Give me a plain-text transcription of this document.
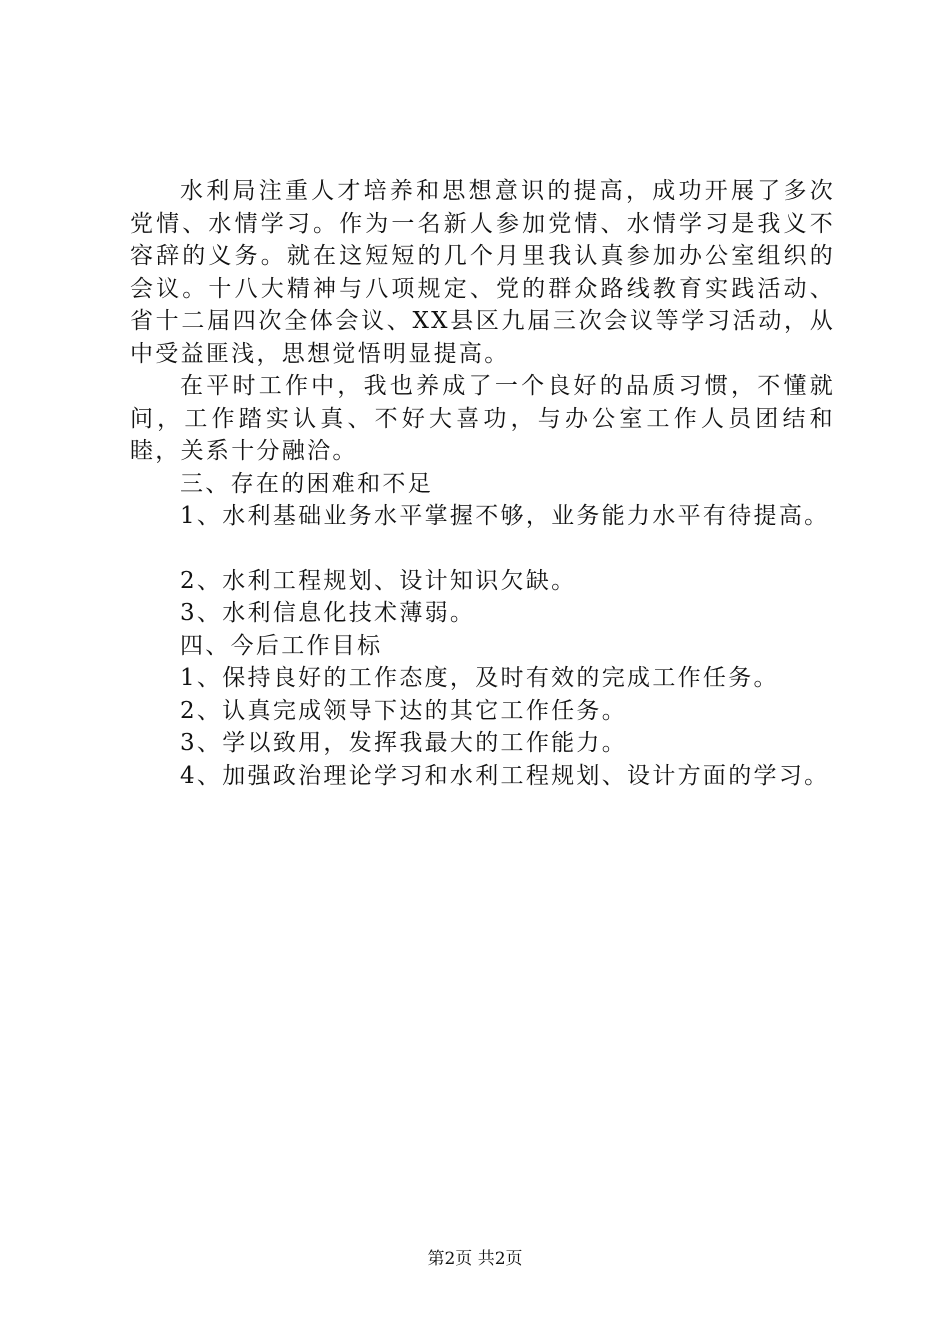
水利局注重人才培养和思想意识的提高，成功开展了多次党情、水情学习。作为一名新人参加党情、水情学习是我义不容辞的义务。就在这短短的几个月里我认真参加办公室组织的会议。十八大精神与八项规定、党的群众路线教育实践活动、省十二届四次全体会议、XX县区九届三次会议等学习活动，从中受益匪浅，思想觉悟明显提高。

在平时工作中，我也养成了一个良好的品质习惯，不懂就问，工作踏实认真、不好大喜功，与办公室工作人员团结和睦，关系十分融洽。

三、存在的困难和不足

1、水利基础业务水平掌握不够，业务能力水平有待提高。

2、水利工程规划、设计知识欠缺。

3、水利信息化技术薄弱。

四、今后工作目标

1、保持良好的工作态度，及时有效的完成工作任务。

2、认真完成领导下达的其它工作任务。

3、学以致用，发挥我最大的工作能力。

4、加强政治理论学习和水利工程规划、设计方面的学习。

第2页 共2页
